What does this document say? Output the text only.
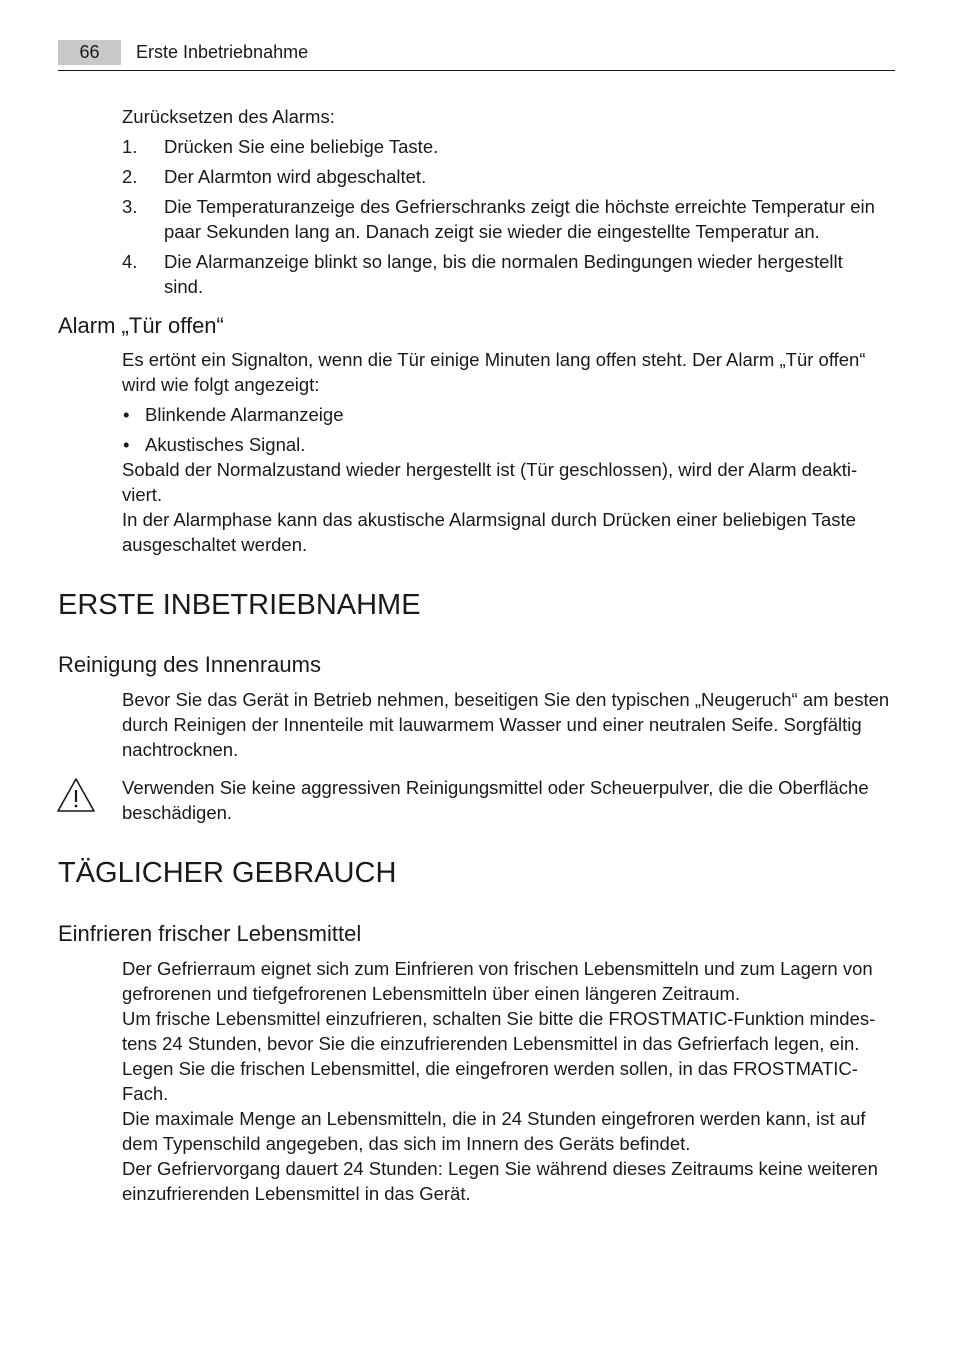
66	Erste Inbetriebnahme

Zurücksetzen des Alarms:

1. Drücken Sie eine beliebige Taste.

2. Der Alarmton wird abgeschaltet.

3. Die Temperaturanzeige des Gefrierschranks zeigt die höchste erreichte Temperatur ein

paar Sekunden lang an. Danach zeigt sie wieder die eingestellte Temperatur an.

4. Die Alarmanzeige blinkt so lange, bis die normalen Bedingungen wieder hergestellt

sind.

Alarm „Tür offen“

Es ertönt ein Signalton, wenn die Tür einige Minuten lang offen steht. Der Alarm „Tür offen“

wird wie folgt angezeigt:

• Blinkende Alarmanzeige

• Akustisches Signal.

Sobald der Normalzustand wieder hergestellt ist (Tür geschlossen), wird der Alarm deakti-

viert.

In der Alarmphase kann das akustische Alarmsignal durch Drücken einer beliebigen Taste

ausgeschaltet werden.

ERSTE INBETRIEBNAHME

Reinigung des Innenraums

Bevor Sie das Gerät in Betrieb nehmen, beseitigen Sie den typischen „Neugeruch“ am besten

durch Reinigen der Innenteile mit lauwarmem Wasser und einer neutralen Seife. Sorgfältig

nachtrocknen.

Verwenden Sie keine aggressiven Reinigungsmittel oder Scheuerpulver, die die Oberfläche

beschädigen.

TÄGLICHER GEBRAUCH

Einfrieren frischer Lebensmittel

Der Gefrierraum eignet sich zum Einfrieren von frischen Lebensmitteln und zum Lagern von

gefrorenen und tiefgefrorenen Lebensmitteln über einen längeren Zeitraum.

Um frische Lebensmittel einzufrieren, schalten Sie bitte die FROSTMATIC-Funktion mindes-

tens 24 Stunden, bevor Sie die einzufrierenden Lebensmittel in das Gefrierfach legen, ein.

Legen Sie die frischen Lebensmittel, die eingefroren werden sollen, in das FROSTMATIC-

Fach.

Die maximale Menge an Lebensmitteln, die in 24 Stunden eingefroren werden kann, ist auf

dem Typenschild angegeben, das sich im Innern des Geräts befindet.

Der Gefriervorgang dauert 24 Stunden: Legen Sie während dieses Zeitraums keine weiteren

einzufrierenden Lebensmittel in das Gerät.
